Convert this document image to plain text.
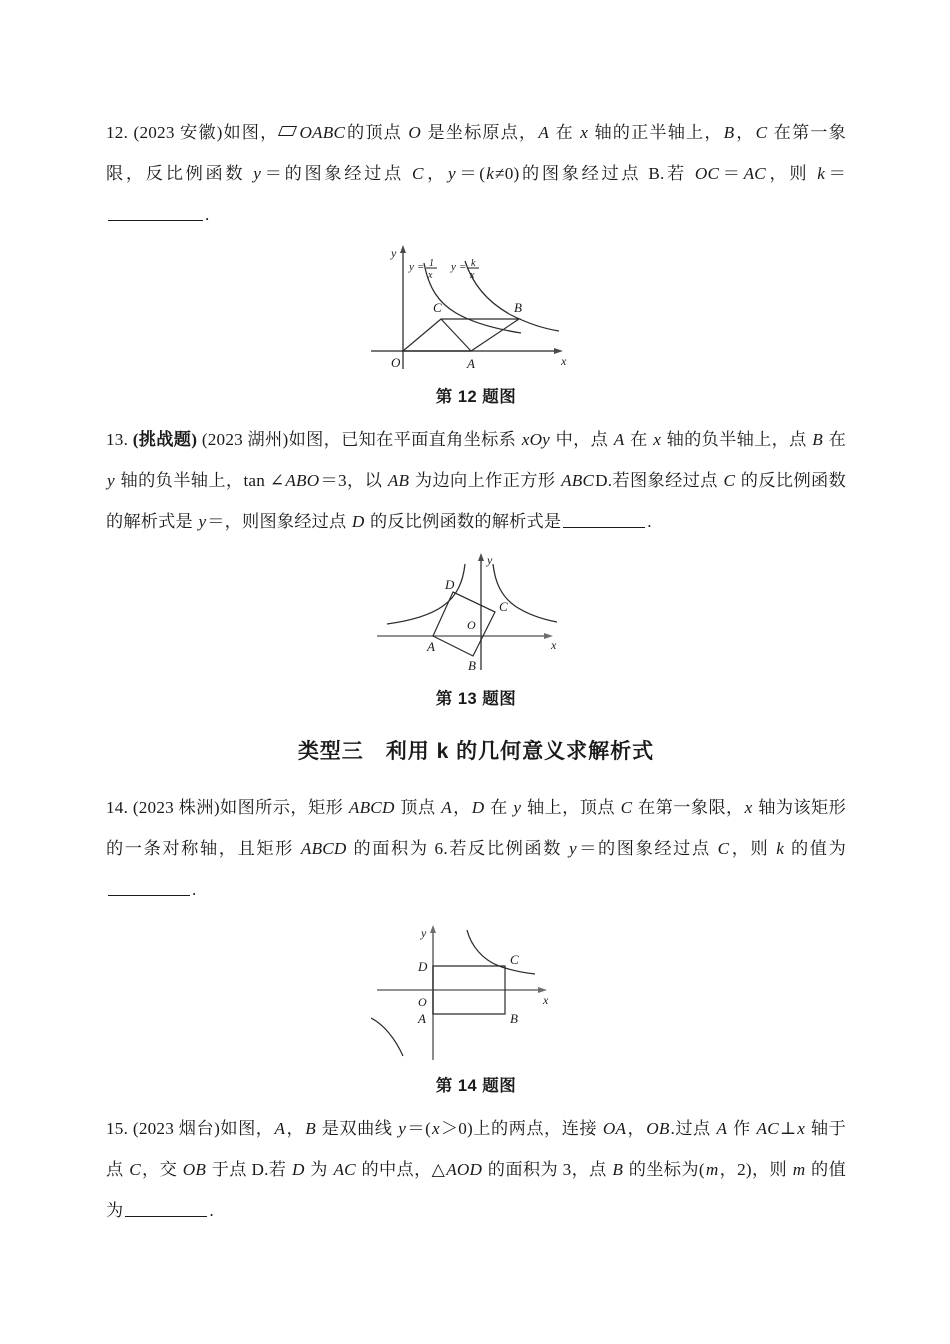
12. (2023 安徽)如图， OABC的顶点 O 是坐标原点，A 在 x 轴的正半轴上，B，C 在第一象限，反比例函数 y＝的图象经过点 C，y＝(k≠0)的图象经过点 B.若 OC＝AC，则 k＝.
O	A
C	B
x
y
y = 1
x
y = k
x
第 12 题图
13. (挑战题) (2023 湖州)如图，已知在平面直角坐标系 xOy 中，点 A 在 x 轴的负半轴上，点 B 在 y 轴的负半轴上，tan ∠ABO＝3，以 AB 为边向上作正方形 ABCD.若图象经过点 C 的反比例函数的解析式是 y＝，则图象经过点 D 的反比例函数的解析式是	.
D
C
A
B
O
x
y
第 13 题图
类型三　利用 k 的几何意义求解析式
14. (2023 株洲)如图所示，矩形 ABCD 顶点 A，D 在 y 轴上，顶点 C 在第一象限，x 轴为该矩形的一条对称轴，且矩形 ABCD 的面积为 6.若反比例函数 y＝的图象经过点 C，则 k 的值为.
D	C
A	B
O	x
y
第 14 题图
15. (2023 烟台)如图，A，B 是双曲线 y＝(x＞0)上的两点，连接 OA，OB.过点 A 作 AC⊥x 轴于点 C，交 OB 于点 D.若 D 为 AC 的中点，△AOD 的面积为 3，点 B 的坐标为(m，2)，则 m 的值为	.
